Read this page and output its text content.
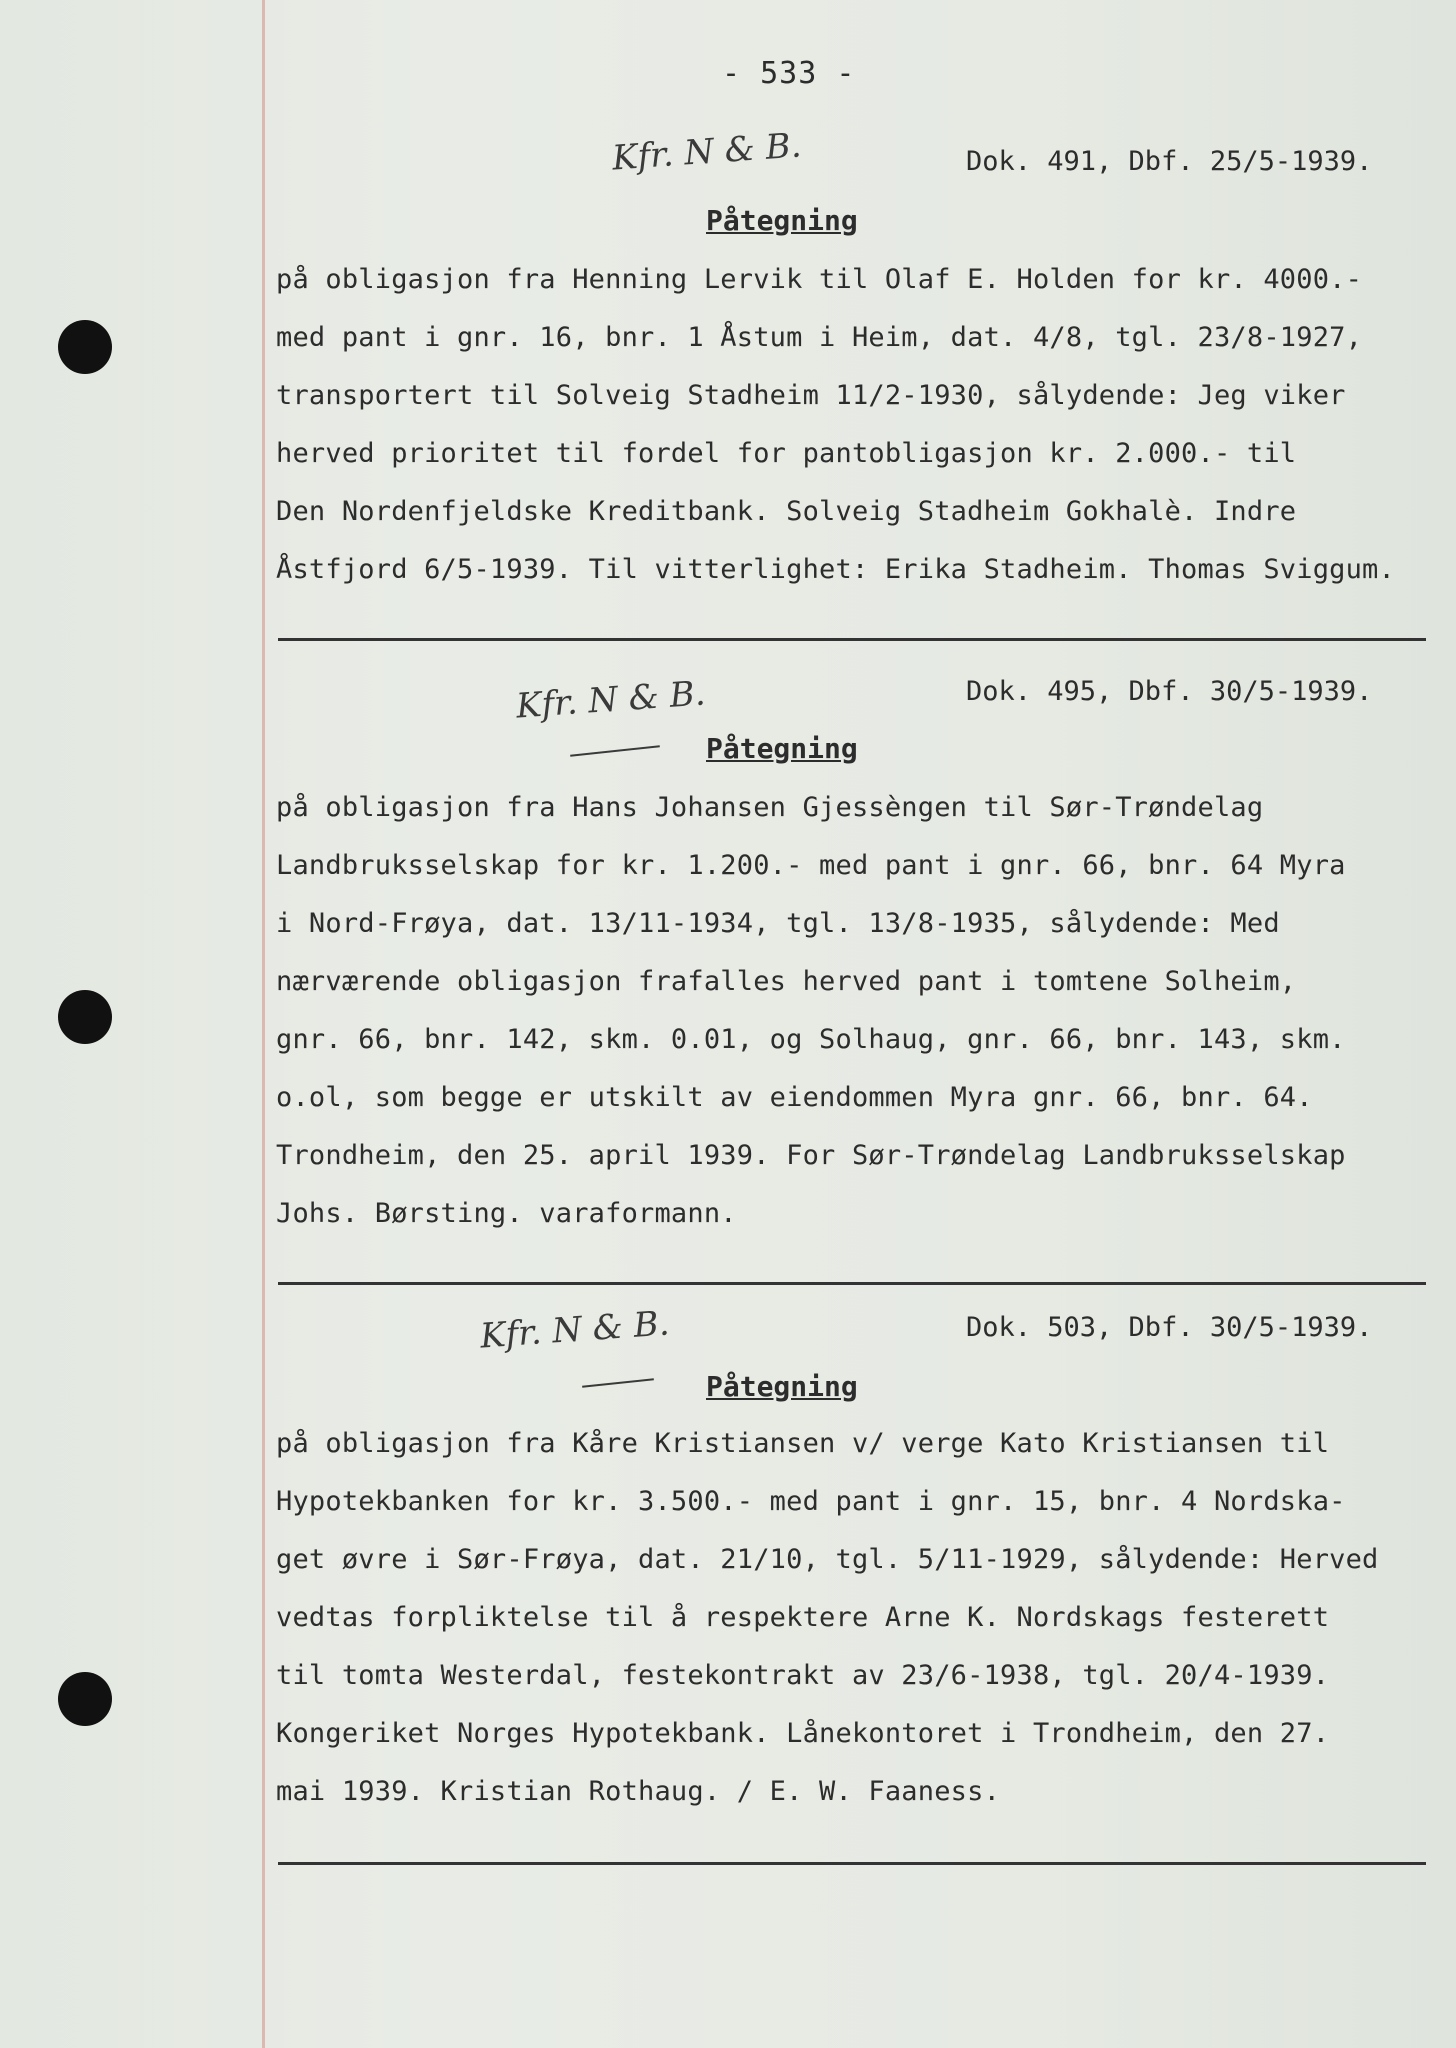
- 533 -
Kfr. N & B.	Dok. 491, Dbf. 25/5-1939.
Påtegning
på obligasjon fra Henning Lervik til Olaf E. Holden for kr. 4000.-
med pant i gnr. 16, bnr. 1 Åstum i Heim, dat. 4/8, tgl. 23/8-1927,
transportert til Solveig Stadheim 11/2-1930, sålydende: Jeg viker
herved prioritet til fordel for pantobligasjon kr. 2.000.- til
Den Nordenfjeldske Kreditbank. Solveig Stadheim Gokhalè. Indre
Åstfjord 6/5-1939. Til vitterlighet: Erika Stadheim. Thomas Sviggum.
Kfr. N & B.	Dok. 495, Dbf. 30/5-1939.
Påtegning
på obligasjon fra Hans Johansen Gjessèngen til Sør-Trøndelag
Landbruksselskap for kr. 1.200.- med pant i gnr. 66, bnr. 64 Myra
i Nord-Frøya, dat. 13/11-1934, tgl. 13/8-1935, sålydende: Med
nærværende obligasjon frafalles herved pant i tomtene Solheim,
gnr. 66, bnr. 142, skm. 0.01, og Solhaug, gnr. 66, bnr. 143, skm.
o.ol, som begge er utskilt av eiendommen Myra gnr. 66, bnr. 64.
Trondheim, den 25. april 1939. For Sør-Trøndelag Landbruksselskap
Johs. Børsting. varaformann.
Kfr. N & B.	Dok. 503, Dbf. 30/5-1939.
Påtegning
på obligasjon fra Kåre Kristiansen v/ verge Kato Kristiansen til
Hypotekbanken for kr. 3.500.- med pant i gnr. 15, bnr. 4 Nordska-
get øvre i Sør-Frøya, dat. 21/10, tgl. 5/11-1929, sålydende: Herved
vedtas forpliktelse til å respektere Arne K. Nordskags festerett
til tomta Westerdal, festekontrakt av 23/6-1938, tgl. 20/4-1939.
Kongeriket Norges Hypotekbank. Lånekontoret i Trondheim, den 27.
mai 1939. Kristian Rothaug. / E. W. Faaness.
